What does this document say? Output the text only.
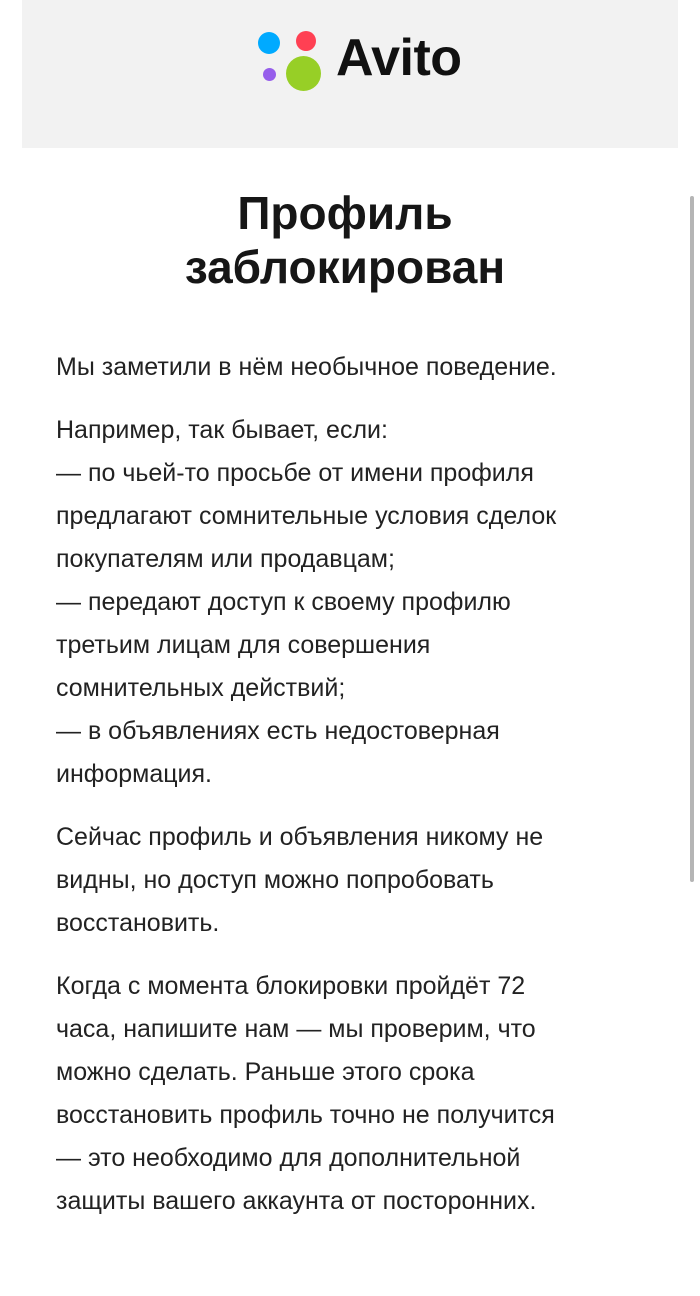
Avito
Профиль
заблокирован

Мы заметили в нём необычное поведение.

Например, так бывает, если:
— по чьей-то просьбе от имени профиля
предлагают сомнительные условия сделок
покупателям или продавцам;
— передают доступ к своему профилю
третьим лицам для совершения
сомнительных действий;
— в объявлениях есть недостоверная
информация.

Сейчас профиль и объявления никому не
видны, но доступ можно попробовать
восстановить.

Когда с момента блокировки пройдёт 72
часа, напишите нам — мы проверим, что
можно сделать. Раньше этого срока
восстановить профиль точно не получится
— это необходимо для дополнительной
защиты вашего аккаунта от посторонних.
